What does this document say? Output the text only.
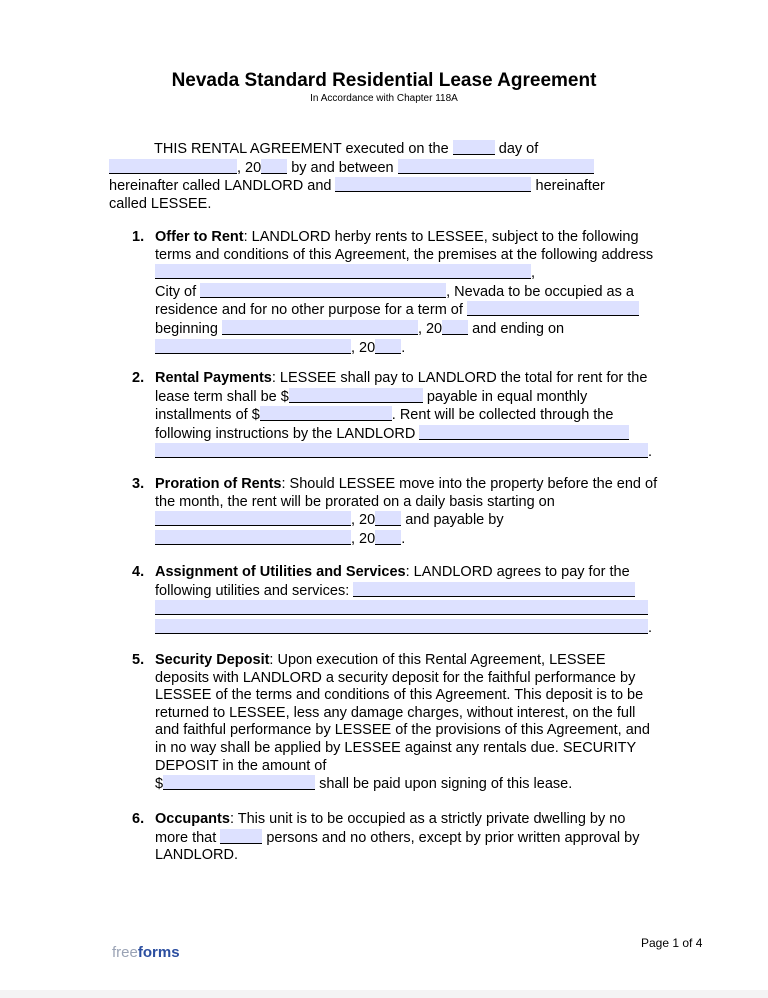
Nevada Standard Residential Lease Agreement
In Accordance with Chapter 118A
THIS RENTAL AGREEMENT executed on the	day of
, 20 by and between
hereinafter called LANDLORD and	hereinafter
called LESSEE.
1. Offer to Rent: LANDLORD herby rents to LESSEE, subject to the following terms and conditions of this Agreement, the premises at the following address ,
City of	, Nevada to be occupied as a residence and for no other purpose for a term of
beginning	, 20 and ending on
, 20 .
2. Rental Payments: LESSEE shall pay to LANDLORD the total for rent for the lease term shall be $	payable in equal monthly installments of $	. Rent will be collected through the following instructions by the LANDLORD
.
3. Proration of Rents: Should LESSEE move into the property before the end of the month, the rent will be prorated on a daily basis starting on
, 20 and payable by
, 20 .
4. Assignment of Utilities and Services: LANDLORD agrees to pay for the following utilities and services:

.
5. Security Deposit: Upon execution of this Rental Agreement, LESSEE deposits with LANDLORD a security deposit for the faithful performance by LESSEE of the terms and conditions of this Agreement. This deposit is to be returned to LESSEE, less any damage charges, without interest, on the full and faithful performance by LESSEE of the provisions of this Agreement, and in no way shall be applied by LESSEE against any rentals due. SECURITY DEPOSIT in the amount of
$	shall be paid upon signing of this lease.
6. Occupants: This unit is to be occupied as a strictly private dwelling by no more that	persons and no others, except by prior written approval by LANDLORD.
freeforms
Page 1 of 4
